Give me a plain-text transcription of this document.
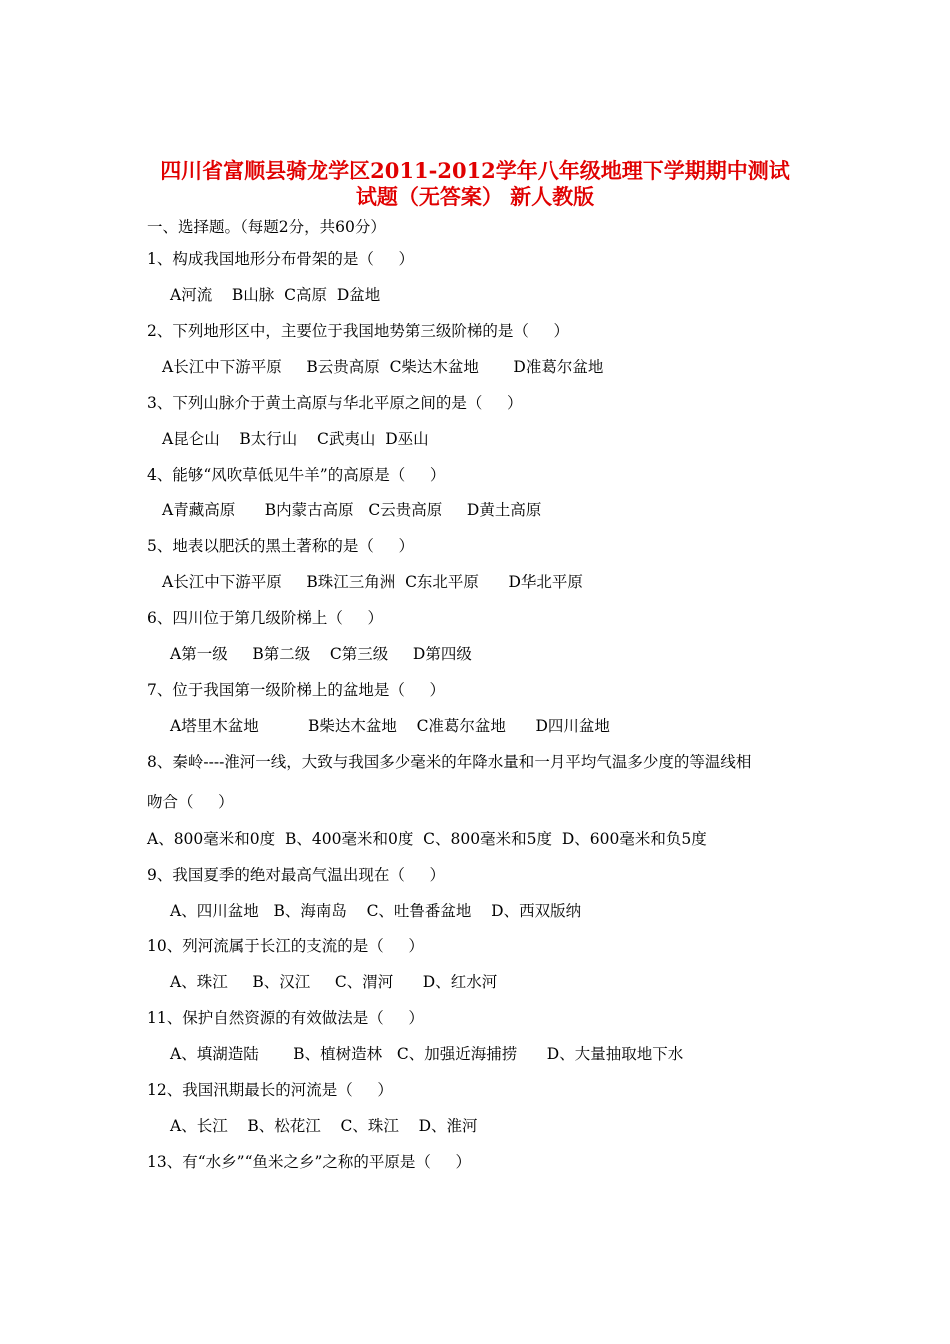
四川省富顺县骑龙学区2011-2012学年八年级地理下学期期中测试
试题（无答案） 新人教版
一、选择题。（每题2分，共60分）
1、构成我国地形分布骨架的是（     ）
A河流    B山脉  C高原  D盆地
2、下列地形区中，主要位于我国地势第三级阶梯的是（     ）
A长江中下游平原     B云贵高原  C柴达木盆地       D准葛尔盆地
3、下列山脉介于黄土高原与华北平原之间的是（     ）
A昆仑山    B太行山    C武夷山  D巫山
4、能够“风吹草低见牛羊”的高原是（     ）
A青藏高原      B内蒙古高原   C云贵高原     D黄土高原
5、地表以肥沃的黑土著称的是（     ）
A长江中下游平原     B珠江三角洲  C东北平原      D华北平原
6、四川位于第几级阶梯上（     ）
A第一级     B第二级    C第三级     D第四级
7、位于我国第一级阶梯上的盆地是（     ）
A塔里木盆地          B柴达木盆地    C准葛尔盆地      D四川盆地
8、秦岭----淮河一线，大致与我国多少毫米的年降水量和一月平均气温多少度的等温线相
吻合（     ）
A、800毫米和0度  B、400毫米和0度  C、800毫米和5度  D、600毫米和负5度
9、我国夏季的绝对最高气温出现在（     ）
A、四川盆地   B、海南岛    C、吐鲁番盆地    D、西双版纳
10、列河流属于长江的支流的是（     ）
A、珠江     B、汉江     C、渭河      D、红水河
11、保护自然资源的有效做法是（     ）
A、填湖造陆       B、植树造林   C、加强近海捕捞      D、大量抽取地下水
12、我国汛期最长的河流是（     ）
A、长江    B、松花江    C、珠江    D、淮河
13、有“水乡”“鱼米之乡”之称的平原是（     ）
